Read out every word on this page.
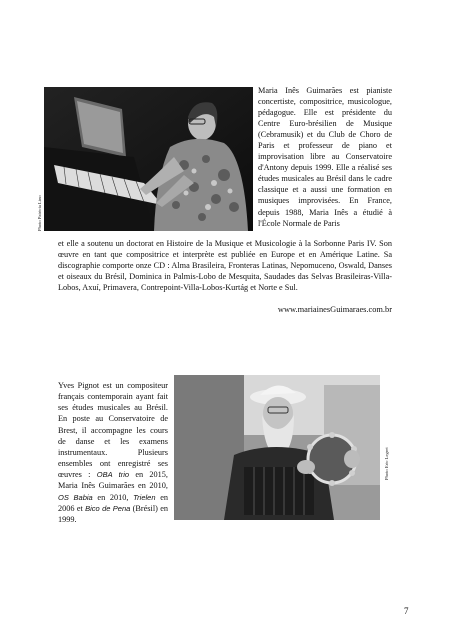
Photo Patricia Lino

Maria Inês Guimarães est pianiste concertiste, compositrice, musicologue, pédagogue. Elle est présidente du Centre Euro-brésilien de Musique (Cebramusik) et du Club de Choro de Paris et professeur de piano et improvisation libre au Conservatoire d'Antony depuis 1999. Elle a réalisé ses études musicales au Brésil dans le cadre classique et a aussi une formation en musiques improvisées. En France, depuis 1988, Maria Inês a étudié à l'École Normale de Paris

et elle a soutenu un doctorat en Histoire de la Musique et Musicologie à la Sorbonne Paris IV. Son œuvre en tant que compositrice et interprète est publiée en Europe et en Amérique Latine. Sa discographie comporte onze CD : Alma Brasileira, Fronteras Latinas, Nepomuceno, Oswald, Danses et oiseaux du Brésil, Dominica in Palmis-Lobo de Mesquita, Saudades das Selvas Brasileiras-Villa-Lobos, Axuí, Primavera, Contrepoint-Villa-Lobos-Kurtág et Norte e Sul.

www.mariainesGuimaraes.com.br
Photo Eric Legret

Yves Pignot est un compositeur français contemporain ayant fait ses études musicales au Brésil. En poste au Conservatoire de Brest, il accompagne les cours de danse et les examens instrumentaux. Plusieurs ensembles ont enregistré ses œuvres : OBA trio en 2015, Maria Inês Guimarães en 2010, OS Babia en 2010, Trielen en 2006 et Bico de Pena (Brésil) en 1999.

7
